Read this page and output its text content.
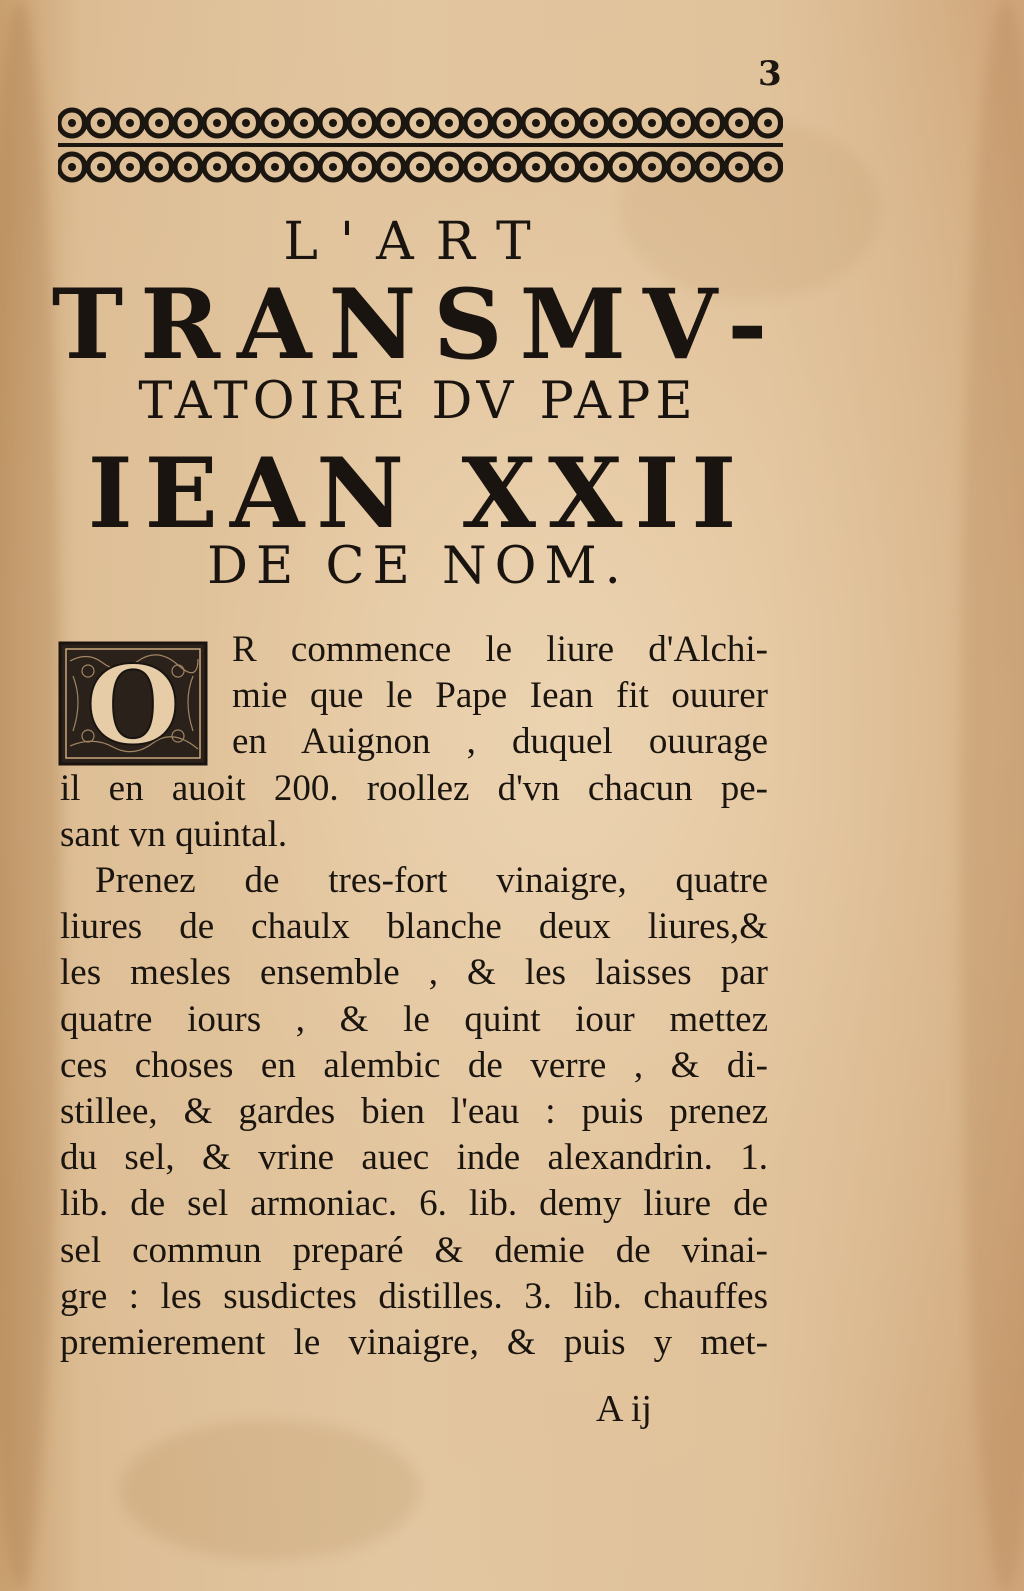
3
L'ART
TRANSMV-
TATOIRE DV PAPE
IEAN XXII
DE CE NOM.
O R commence le liure d'Alchi-
mie que le Pape Iean fit ouurer
en Auignon , duquel ouurage
il en auoit 200. roollez d'vn chacun pe-
sant vn quintal.
Prenez de tres-fort vinaigre, quatre
liures de chaulx blanche deux liures,&
les mesles ensemble , & les laisses par
quatre iours , & le quint iour mettez
ces choses en alembic de verre , & di-
stillee, & gardes bien l'eau : puis prenez
du sel, & vrine auec inde alexandrin. 1.
lib. de sel armoniac. 6. lib. demy liure de
sel commun preparé & demie de vinai-
gre : les susdictes distilles. 3. lib. chauffes
premierement le vinaigre, & puis y met-
A ij
